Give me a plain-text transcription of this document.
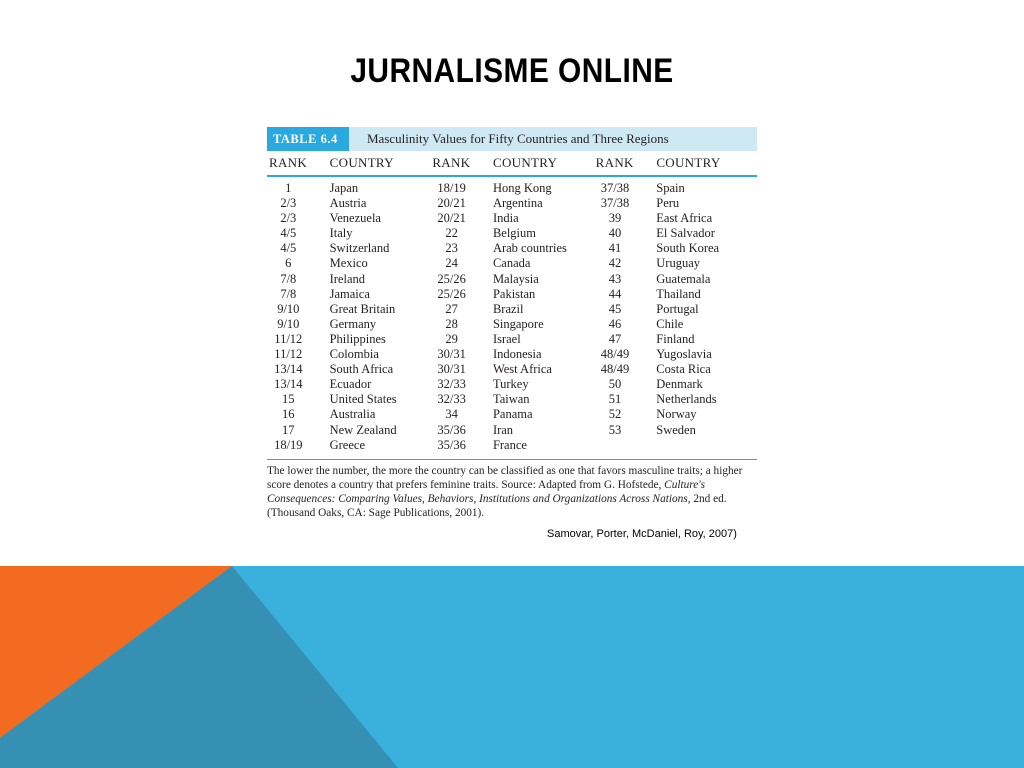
JURNALISME ONLINE
TABLE 6.4	Masculinity Values for Fifty Countries and Three Regions
RANK	COUNTRY	RANK	COUNTRY	RANK	COUNTRY
1	Japan	18/19	Hong Kong	37/38	Spain
2/3	Austria	20/21	Argentina	37/38	Peru
2/3	Venezuela	20/21	India	39	East Africa
4/5	Italy	22	Belgium	40	El Salvador
4/5	Switzerland	23	Arab countries	41	South Korea
6	Mexico	24	Canada	42	Uruguay
7/8	Ireland	25/26	Malaysia	43	Guatemala
7/8	Jamaica	25/26	Pakistan	44	Thailand
9/10	Great Britain	27	Brazil	45	Portugal
9/10	Germany	28	Singapore	46	Chile
11/12	Philippines	29	Israel	47	Finland
11/12	Colombia	30/31	Indonesia	48/49	Yugoslavia
13/14	South Africa	30/31	West Africa	48/49	Costa Rica
13/14	Ecuador	32/33	Turkey	50	Denmark
15	United States	32/33	Taiwan	51	Netherlands
16	Australia	34	Panama	52	Norway
17	New Zealand	35/36	Iran	53	Sweden
18/19	Greece	35/36	France
The lower the number, the more the country can be classified as one that favors masculine traits; a higher score denotes a country that prefers feminine traits. Source: Adapted from G. Hofstede, Culture's Consequences: Comparing Values, Behaviors, Institutions and Organizations Across Nations, 2nd ed. (Thousand Oaks, CA: Sage Publications, 2001).
Samovar, Porter, McDaniel, Roy, 2007)
